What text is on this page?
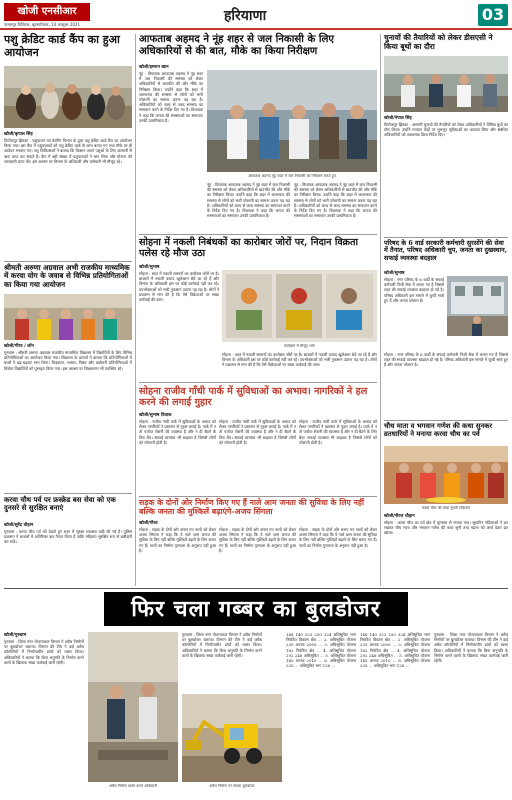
खोजी एनसीआर
पालमपुर डिजिटल, बृहस्पतिवार, 14 अक्टूबर 2021
हरियाणा	03
पशु क्रेडिट कार्ड कैंप का हुआ आयोजन
खोजी/कृपाल सिंह
फिरोजपुर झिरका : पशुपालन एवं डेयरिंग विभाग के द्वारा पशु क्रेडिट कार्ड कैंप का आयोजन किया गया। इस कैंप में पशुपालकों को पशु क्रेडिट कार्ड के लाभ बताए गए तथा मौके पर ही आवेदन भरवाए गए। पशु चिकित्सकों ने बताया कि किसान अपने पशुओं के लिए आसानी से ऋण प्राप्त कर सकते हैं। कैंप में बड़ी संख्या में पशुपालकों ने भाग लिया और योजना की जानकारी प्राप्त की। इस अवसर पर विभाग के अधिकारी और कर्मचारी भी मौजूद रहे।
श्रीमती अरुणा अग्रवाल अभी राजकीय माध्यमिक में करवा योग के जवाब से विभिन्न प्रतियोगिताओं का किया गया आयोजन
खोजी/गौरव / लॉन
गुरुग्राम : श्रीमती अरुणा अग्रवाल राजकीय माध्यमिक विद्यालय में विद्यार्थियों के लिए विभिन्न प्रतियोगिताओं का आयोजन किया गया। विद्यालय के प्राचार्य ने बताया कि प्रतियोगिताओं में बच्चों ने बढ़-चढ़कर भाग लिया। चित्रकला, भाषण, निबंध और प्रश्नोत्तरी प्रतियोगिताओं में विजेता विद्यार्थियों को पुरस्कृत किया गया। इस अवसर पर शिक्षकगण भी उपस्थित रहे।
करवा चौथ पर्व पर फ्रस्क्रेड बस सेवा को एक दुनसरे से सुरक्षित बनाएं
खोजी/सुरेंद्र चौहान
गुरुग्राम : करवा चौथ पर्व को देखते हुए शहर में सुरक्षा व्यवस्था कड़ी की गई है। पुलिस प्रशासन ने बाजारों में अतिरिक्त बल तैनात किया है ताकि महिलाएं सुरक्षित रूप से खरीदारी कर सकें।
आफताब अहमद ने नूंह शहर से जल निकासी के लिए अधिकारियों से की बात, मौके का किया निरीक्षण
खोजी/इमरान खान
नूंह : विधायक आफताब अहमद ने नूंह शहर में जल निकासी की समस्या को लेकर अधिकारियों से बातचीत की और मौके का निरीक्षण किया। उन्होंने कहा कि शहर में जलभराव की समस्या से लोगों को भारी परेशानी का सामना करना पड़ रहा है। अधिकारियों को जल्द से जल्द समस्या का समाधान करने के निर्देश दिए गए हैं। विधायक ने कहा कि जनता की समस्याओं का समाधान उनकी प्राथमिकता है।
आफताब अहमद नूंह शहर में जल निकासी का निरीक्षण करते हुए
नूंह : विधायक आफताब अहमद ने नूंह शहर में जल निकासी की समस्या को लेकर अधिकारियों से बातचीत की और मौके का निरीक्षण किया। उन्होंने कहा कि शहर में जलभराव की समस्या से लोगों को भारी परेशानी का सामना करना पड़ रहा है। अधिकारियों को जल्द से जल्द समस्या का समाधान करने के निर्देश दिए गए हैं। विधायक ने कहा कि जनता की समस्याओं का समाधान उनकी प्राथमिकता है।
नूंह : विधायक आफताब अहमद ने नूंह शहर में जल निकासी की समस्या को लेकर अधिकारियों से बातचीत की और मौके का निरीक्षण किया। उन्होंने कहा कि शहर में जलभराव की समस्या से लोगों को भारी परेशानी का सामना करना पड़ रहा है। अधिकारियों को जल्द से जल्द समस्या का समाधान करने के निर्देश दिए गए हैं। विधायक ने कहा कि जनता की समस्याओं का समाधान उनकी प्राथमिकता है।
सोहना में नकली निबंधकों का कारोबार जोरों पर, निदान विक्रता पलेस रहे मौज उठा
खोजी/सुभाष
सोहना : शहर में नकली सामानों का कारोबार जोरों पर है। बाजारों में नकली उत्पाद खुलेआम बेचे जा रहे हैं और विभाग के अधिकारी इस पर कोई कार्रवाई नहीं कर रहे। उपभोक्ताओं को भारी नुकसान उठाना पड़ रहा है। लोगों ने प्रशासन से मांग की है कि ऐसे विक्रेताओं पर सख्त कार्रवाई की जाए।
कार्यक्रम में मौजूद लोग
सोहना : शहर में नकली सामानों का कारोबार जोरों पर है। बाजारों में नकली उत्पाद खुलेआम बेचे जा रहे हैं और विभाग के अधिकारी इस पर कोई कार्रवाई नहीं कर रहे। उपभोक्ताओं को भारी नुकसान उठाना पड़ रहा है। लोगों ने प्रशासन से मांग की है कि ऐसे विक्रेताओं पर सख्त कार्रवाई की जाए।
सोहना राजीव गाँधी पार्क में सुविधाओं का अभाव। नागरिकों ने हल करने की लगाई गुहार
खोजी/सुभाष विवाक
सोहना : राजीव गांधी पार्क में सुविधाओं के अभाव को लेकर नागरिकों ने प्रशासन से गुहार लगाई है। पार्क में न तो पर्याप्त रोशनी की व्यवस्था है और न ही बैठने के लिए बेंच। सफाई व्यवस्था भी बदहाल है जिससे लोगों को परेशानी होती है।
सोहना : राजीव गांधी पार्क में सुविधाओं के अभाव को लेकर नागरिकों ने प्रशासन से गुहार लगाई है। पार्क में न तो पर्याप्त रोशनी की व्यवस्था है और न ही बैठने के लिए बेंच। सफाई व्यवस्था भी बदहाल है जिससे लोगों को परेशानी होती है।
सोहना : राजीव गांधी पार्क में सुविधाओं के अभाव को लेकर नागरिकों ने प्रशासन से गुहार लगाई है। पार्क में न तो पर्याप्त रोशनी की व्यवस्था है और न ही बैठने के लिए बेंच। सफाई व्यवस्था भी बदहाल है जिससे लोगों को परेशानी होती है।
सड़क के दोनों ओर निर्माण किए गए हैं नाले आम जनता की सुविधा के लिए नहीं बल्कि जनता की मुश्किलें बढ़ाएंगे-अजय सिंगला
खोजी/गौरव
सोहना : सड़क के दोनों ओर बनाए गए नालों को लेकर अजय सिंगला ने कहा कि ये नाले आम जनता की सुविधा के लिए नहीं बल्कि मुश्किलें बढ़ाने के लिए बनाए गए हैं। नालों का निर्माण गुणवत्ता के अनुरूप नहीं हुआ है।
सोहना : सड़क के दोनों ओर बनाए गए नालों को लेकर अजय सिंगला ने कहा कि ये नाले आम जनता की सुविधा के लिए नहीं बल्कि मुश्किलें बढ़ाने के लिए बनाए गए हैं। नालों का निर्माण गुणवत्ता के अनुरूप नहीं हुआ है।
सोहना : सड़क के दोनों ओर बनाए गए नालों को लेकर अजय सिंगला ने कहा कि ये नाले आम जनता की सुविधा के लिए नहीं बल्कि मुश्किलें बढ़ाने के लिए बनाए गए हैं। नालों का निर्माण गुणवत्ता के अनुरूप नहीं हुआ है।
चुनावों की तैयारियों को लेकर डीसएसी ने किया बूथों का दौरा
खोजी/नेपाल सिंह
फिरोजपुर झिरका : आगामी चुनावों की तैयारियों को लेकर अधिकारियों ने विभिन्न बूथों का दौरा किया। उन्होंने मतदान केंद्रों पर मूलभूत सुविधाओं का जायजा लिया और संबंधित अधिकारियों को आवश्यक दिशा-निर्देश दिए।
परिषद के 6 वार्ड सरकारी कर्मचारी सुरसोंगे की सेवा में तैनात, परिषद अधिकारी चुप, जनता का दुखस्थान, सफाई व्यवस्था बदहाल
खोजी/सुभाष
सोहना : नगर परिषद के 6 वार्डों के सफाई कर्मचारी निजी सेवा में लगाए गए हैं जिससे शहर की सफाई व्यवस्था बदहाल हो गई है। परिषद अधिकारी इस मामले में चुप्पी साधे हुए हैं और जनता परेशान है।
सोहना : नगर परिषद के 6 वार्डों के सफाई कर्मचारी निजी सेवा में लगाए गए हैं जिससे शहर की सफाई व्यवस्था बदहाल हो गई है। परिषद अधिकारी इस मामले में चुप्पी साधे हुए हैं और जनता परेशान है।
चौथ माता व भगवान गणेश की कथा सुनकर व्रतधारियों ने मनाया करवा चौथ का पर्व
करवा चौथ की कथा सुनती महिलाएं
खोजी/नीरज चौहान
सोहना : करवा चौथ का पर्व क्षेत्र में धूमधाम से मनाया गया। सुहागिन महिलाओं ने व्रत रखकर चौथ माता और भगवान गणेश की कथा सुनी तथा चंद्रमा को अर्घ्य देकर व्रत खोला।
फिर चला गब्बर का बुलडोजर
खोजी/गुरुग्राम
गुरुग्राम : जिला नगर योजनाकार विभाग ने अवैध निर्माणों पर बुलडोजर चलाया। विभाग की टीम ने कई अवैध कॉलोनियों में निर्माणाधीन ढांचों को ध्वस्त किया। अधिकारियों ने बताया कि बिना अनुमति के निर्माण करने वालों के खिलाफ सख्त कार्रवाई जारी रहेगी।
अवैध निर्माण ध्वस्त करते अधिकारी
गुरुग्राम : जिला नगर योजनाकार विभाग ने अवैध निर्माणों पर बुलडोजर चलाया। विभाग की टीम ने कई अवैध कॉलोनियों में निर्माणाधीन ढांचों को ध्वस्त किया। अधिकारियों ने बताया कि बिना अनुमति के निर्माण करने वालों के खिलाफ सख्त कार्रवाई जारी रहेगी।
अवैध निर्माण पर चलता बुलडोजर
148 149 323 250 324 अधिसूचित भाग नियंत्रित विकास क्षेत्र ... 2. अधिसूचित योजना 235 अनाज 2009 ... 3. अधिसूचित योजना 182 नियंत्रित क्षेत्र ... 4. अधिसूचित योजना 292 246 अधिसूचित ... 5. अधिसूचित योजना 145 अनाज 2010 ... 6. अधिसूचित योजना 235 ... अधिसूचित भाग 128 ...
148 149 323 250 324 अधिसूचित भाग नियंत्रित विकास क्षेत्र ... 2. अधिसूचित योजना 235 अनाज 2009 ... 3. अधिसूचित योजना 182 नियंत्रित क्षेत्र ... 4. अधिसूचित योजना 292 246 अधिसूचित ... 5. अधिसूचित योजना 145 अनाज 2010 ... 6. अधिसूचित योजना 235 ... अधिसूचित भाग 128 ...
गुरुग्राम : जिला नगर योजनाकार विभाग ने अवैध निर्माणों पर बुलडोजर चलाया। विभाग की टीम ने कई अवैध कॉलोनियों में निर्माणाधीन ढांचों को ध्वस्त किया। अधिकारियों ने बताया कि बिना अनुमति के निर्माण करने वालों के खिलाफ सख्त कार्रवाई जारी रहेगी।
